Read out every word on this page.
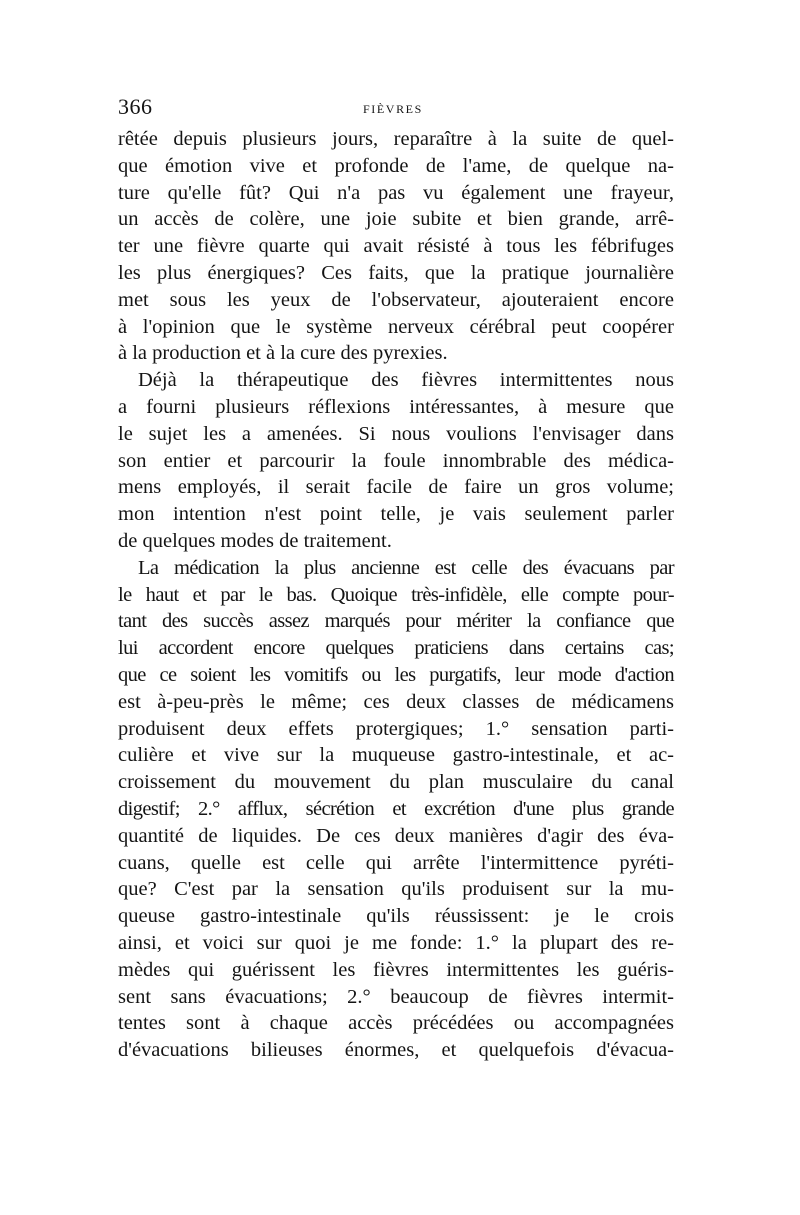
366	FIÈVRES
rêtée depuis plusieurs jours, reparaître à la suite de quel-
que émotion vive et profonde de l'ame, de quelque na-
ture qu'elle fût? Qui n'a pas vu également une frayeur,
un accès de colère, une joie subite et bien grande, arrê-
ter une fièvre quarte qui avait résisté à tous les fébrifuges
les plus énergiques? Ces faits, que la pratique journalière
met sous les yeux de l'observateur, ajouteraient encore
à l'opinion que le système nerveux cérébral peut coopérer
à la production et à la cure des pyrexies.
Déjà la thérapeutique des fièvres intermittentes nous
a fourni plusieurs réflexions intéressantes, à mesure que
le sujet les a amenées. Si nous voulions l'envisager dans
son entier et parcourir la foule innombrable des médica-
mens employés, il serait facile de faire un gros volume;
mon intention n'est point telle, je vais seulement parler
de quelques modes de traitement.
La médication la plus ancienne est celle des évacuans par
le haut et par le bas. Quoique très-infidèle, elle compte pour-
tant des succès assez marqués pour mériter la confiance que
lui accordent encore quelques praticiens dans certains cas;
que ce soient les vomitifs ou les purgatifs, leur mode d'action
est à-peu-près le même; ces deux classes de médicamens
produisent deux effets protergiques; 1.° sensation parti-
culière et vive sur la muqueuse gastro-intestinale, et ac-
croissement du mouvement du plan musculaire du canal
digestif; 2.° afflux, sécrétion et excrétion d'une plus grande
quantité de liquides. De ces deux manières d'agir des éva-
cuans, quelle est celle qui arrête l'intermittence pyréti-
que? C'est par la sensation qu'ils produisent sur la mu-
queuse gastro-intestinale qu'ils réussissent: je le crois
ainsi, et voici sur quoi je me fonde: 1.° la plupart des re-
mèdes qui guérissent les fièvres intermittentes les guéris-
sent sans évacuations; 2.° beaucoup de fièvres intermit-
tentes sont à chaque accès précédées ou accompagnées
d'évacuations bilieuses énormes, et quelquefois d'évacua-
